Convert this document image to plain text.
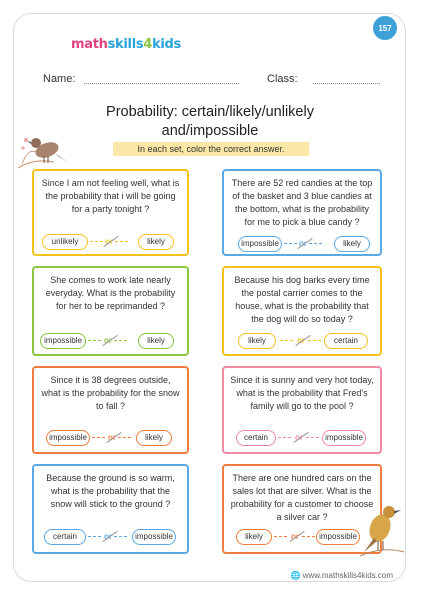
157
mathskills4kids
Name:	Class:
Probability: certain/likely/unlikely
and/impossible
In each set, color the correct answer.
Since I am not feeling well, what is the probability that i will be going for a party tonight ?
unlikely	or	likely
There are 52 red candies at the top of the basket and 3 blue candies at the bottom, what is the probability for me to pick a blue candy ?
impossible	or	likely
She comes to work late nearly everyday. What is the probability for her to be reprimanded ?
impossible	or	likely
Because his dog barks every time the postal carrier comes to the house, what is the probability that the dog will do so today ?
likely	or	certain
Since it is 38 degrees outside, what is the probability for the snow to fall ?
impossible	or	likely
Since it is sunny and very hot today, what is the probability that Fred's family will go to the pool ?
certain	or	impossible
Because the ground is so warm, what is the probability that the snow will stick to the ground ?
certain	or	impossible
There are one hundred cars on the sales lot that are silver. What is the probability for a customer to choose a silver car ?
likely	or	impossible
🌐 www.mathskills4kids.com
